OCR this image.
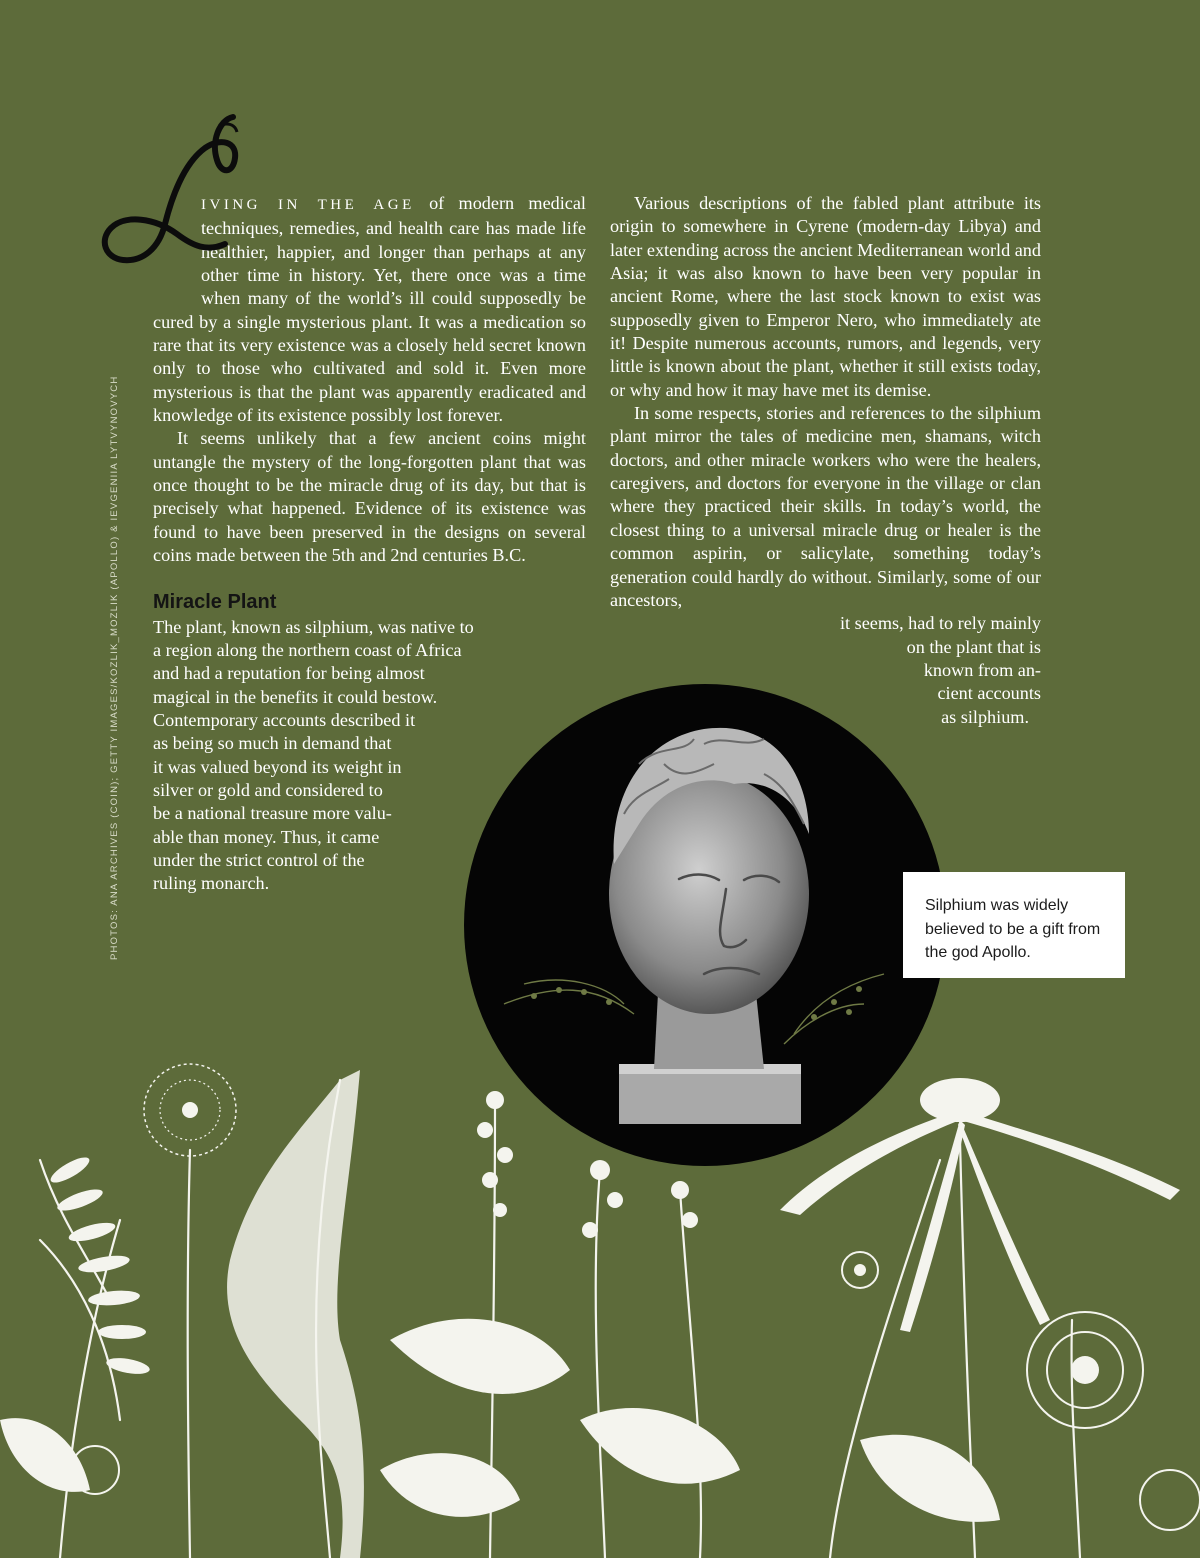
PHOTOS: ANA ARCHIVES (COIN); GETTY IMAGES/KOZLIK_MOZLIK (APOLLO) & IEVGENIIA LYTVYNOVYCH

IVING IN THE AGE of modern medical techniques, remedies, and health care has made life healthier, happier, and longer than perhaps at any other time in history. Yet, there once was a time when many of the world’s ill could supposedly be cured by a single mysterious plant. It was a medication so rare that its very existence was a closely held secret known only to those who cultivated and sold it. Even more mysterious is that the plant was apparently eradicated and knowledge of its existence possibly lost forever.

It seems unlikely that a few ancient coins might untangle the mystery of the long-forgotten plant that was once thought to be the miracle drug of its day, but that is precisely what happened. Evidence of its existence was found to have been preserved in the designs on several coins made between the 5th and 2nd centuries B.C.

Miracle Plant
The plant, known as silphium, was native to
a region along the northern coast of Africa
and had a reputation for being almost
magical in the benefits it could bestow.
Contemporary accounts described it
as being so much in demand that
it was valued beyond its weight in
silver or gold and considered to
be a national treasure more valu-
able than money. Thus, it came
under the strict control of the
ruling monarch.

Various descriptions of the fabled plant attribute its origin to somewhere in Cyrene (modern-day Libya) and later extending across the ancient Mediterranean world and Asia; it was also known to have been very popular in ancient Rome, where the last stock known to exist was supposedly given to Emperor Nero, who immediately ate it! Despite numerous accounts, rumors, and legends, very little is known about the plant, whether it still exists today, or why and how it may have met its demise.

In some respects, stories and references to the silphium plant mirror the tales of medicine men, shamans, witch doctors, and other miracle workers who were the healers, caregivers, and doctors for everyone in the village or clan where they practiced their skills. In today’s world, the closest thing to a universal miracle drug or healer is the common aspirin, or salicylate, something today’s generation could hardly do without. Similarly, some of our ancestors,

it seems, had to rely mainly
on the plant that is
known from an-
cient accounts
as silphium.
Silphium was widely believed to be a gift from the god Apollo.
